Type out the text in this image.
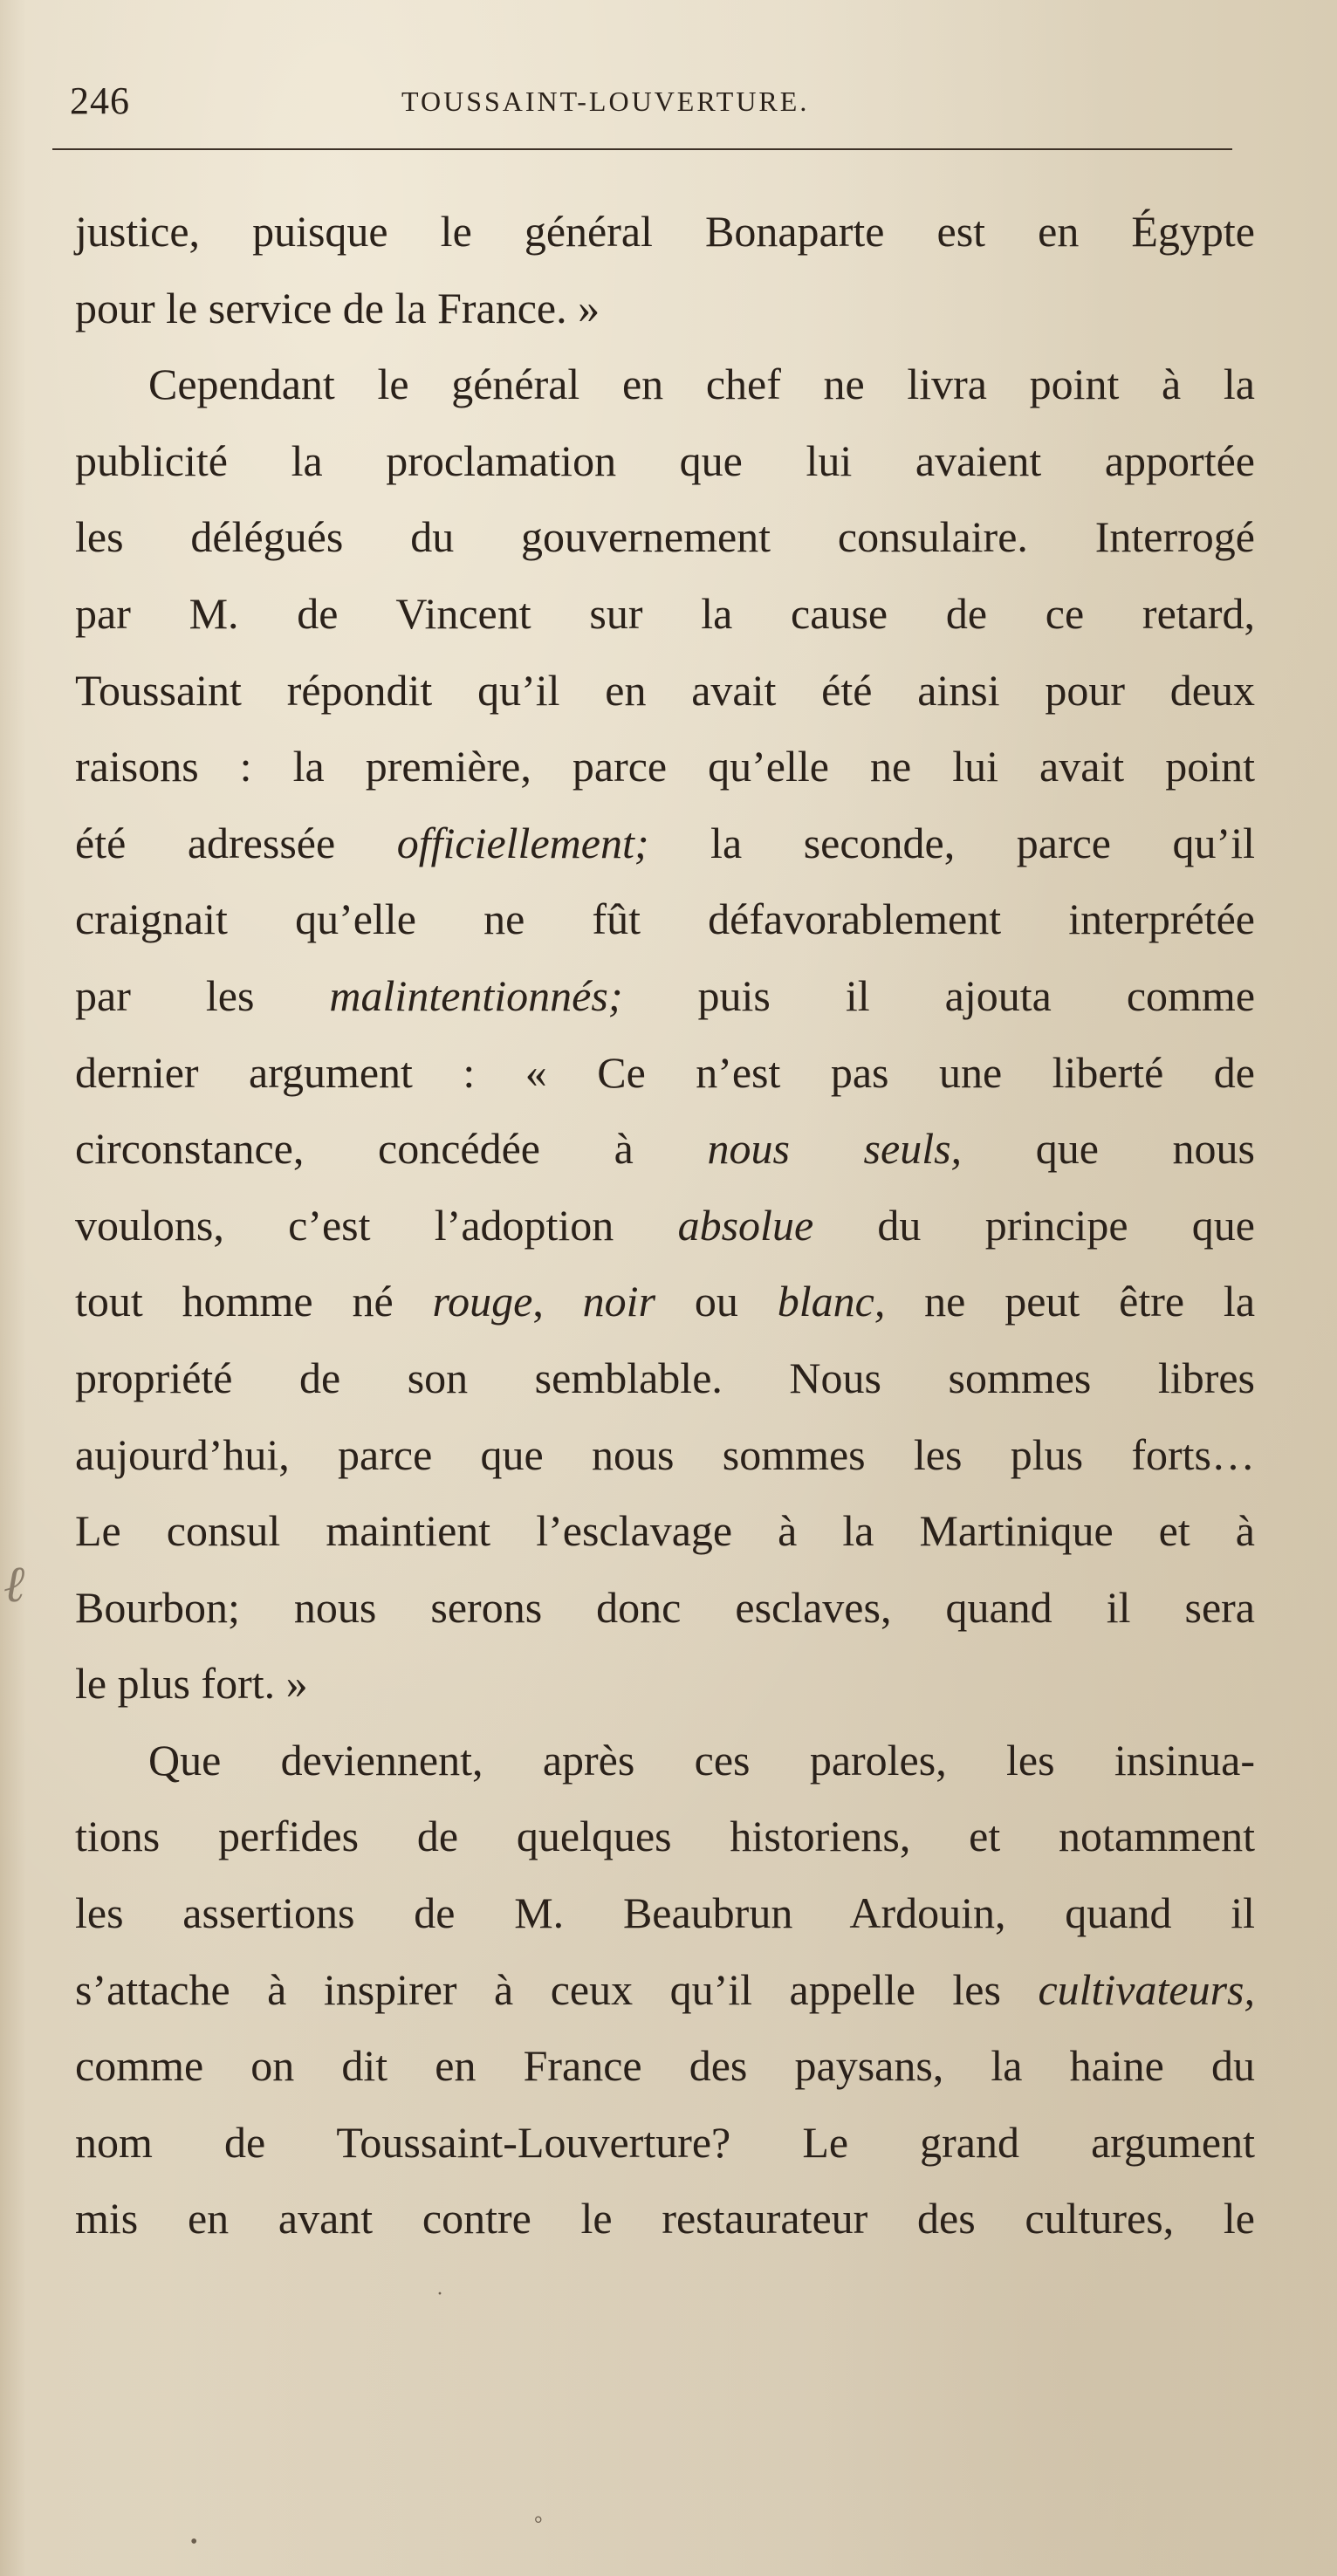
246	TOUSSAINT-LOUVERTURE.
justice, puisque le général Bonaparte est en Égypte
pour le service de la France. »
Cependant le général en chef ne livra point à la
publicité la proclamation que lui avaient apportée
les délégués du gouvernement consulaire. Interrogé
par M. de Vincent sur la cause de ce retard,
Toussaint répondit qu’il en avait été ainsi pour deux
raisons : la première, parce qu’elle ne lui avait point
été adressée officiellement; la seconde, parce qu’il
craignait qu’elle ne fût défavorablement interprétée
par les malintentionnés; puis il ajouta comme
dernier argument : « Ce n’est pas une liberté de
circonstance, concédée à nous seuls, que nous
voulons, c’est l’adoption absolue du principe que
tout homme né rouge, noir ou blanc, ne peut être la
propriété de son semblable. Nous sommes libres
aujourd’hui, parce que nous sommes les plus forts…
Le consul maintient l’esclavage à la Martinique et à
Bourbon; nous serons donc esclaves, quand il sera
le plus fort. »
Que deviennent, après ces paroles, les insinua-
tions perfides de quelques historiens, et notamment
les assertions de M. Beaubrun Ardouin, quand il
s’attache à inspirer à ceux qu’il appelle les cultivateurs,
comme on dit en France des paysans, la haine du
nom de Toussaint-Louverture? Le grand argument
mis en avant contre le restaurateur des cultures, le
ℓ
·
•
°
